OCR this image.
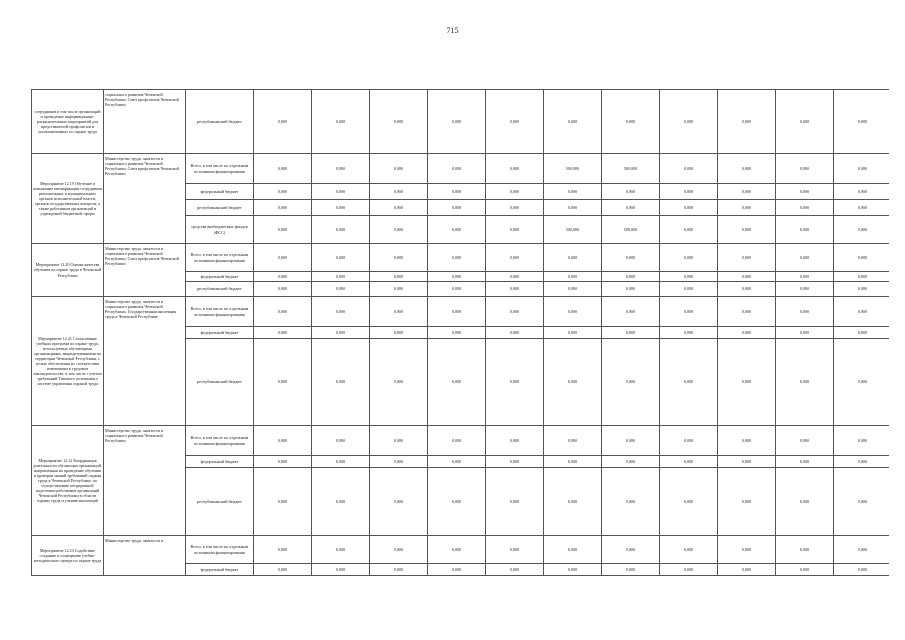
715
сотрудников в том числе организаций и проведение информационно-разъяснительных мероприятий для представителей профсоюзов и уполномоченных по охране труда	социального развития Чеченской Республики, Союз профсоюзов Чеченской Республики	республиканский бюджет	0,000	0,000	0,000	0,000	0,000	0,000	0,000	0,000	0,000	0,000	0,000
Мероприятие 12.19 Обучение и повышение квалификации сотрудников региональных и муниципальных органов исполнительной власти, органов государственных контроля, а также работников организаций и учреждений бюджетной сферы	Министерство труда, занятости и социального развития Чеченской Республики, Союз профсоюзов Чеченской Республики	Всего, в том числе по отдельным источникам финансирования	0,000	0,000	0,000	0,000	0,000	500,000	500,000	0,000	0,000	0,000	0,000
		федеральный бюджет	0,000	0,000	0,000	0,000	0,000	0,000	0,000	0,000	0,000	0,000	0,000
		республиканский бюджет	0,000	0,000	0,000	0,000	0,000	0,000	0,000	0,000	0,000	0,000	0,000
		средства внебюджетных фондов (ФСС)	0,000	0,000	0,000	0,000	0,000	500,000	500,000	0,000	0,000	0,000	0,000
Мероприятие 12.20 Оценка качества обучения по охране труда в Чеченской Республике	Министерство труда, занятости и социального развития Чеченской Республики, Союз профсоюзов Чеченской Республики	Всего, в том числе по отдельным источникам финансирования	0,000	0,000	0,000	0,000	0,000	0,000	0,000	0,000	0,000	0,000	0,000
		федеральный бюджет	0,000	0,000	0,000	0,000	0,000	0,000	0,000	0,000	0,000	0,000	0,000
		республиканский бюджет	0,000	0,000	0,000	0,000	0,000	0,000	0,000	0,000	0,000	0,000	0,000
Мероприятие 12.21 Согласование учебных программ по охране труда, используемых обучающими организациями, аккредитованными на территории Чеченской Республики, с целью обеспечения их соответствия изменениям в трудовом законодательстве, в том числе с учетом требований Типового положения о системе управления охраной труда	Министерство труда, занятости и социального развития Чеченской Республики, Государственная инспекция труда в Чеченской Республике	Всего, в том числе по отдельным источникам финансирования	0,000	0,000	0,000	0,000	0,000	0,000	0,000	0,000	0,000	0,000	0,000
		федеральный бюджет	0,000	0,000	0,000	0,000	0,000	0,000	0,000	0,000	0,000	0,000	0,000
		республиканский бюджет	0,000	0,000	0,000	0,000	0,000	0,000	0,000	0,000	0,000	0,000	0,000
Мероприятие 12.22 Координация деятельности обучающих организаций, направленная на проведение обучения и проверки знаний требований охраны труда в Чеченской Республике, по осуществлению непрерывной подготовки работников организаций Чеченской Республики в области охраны труда и учению инспекций	Министерство труда, занятости и социального развития Чеченской Республики	Всего, в том числе по отдельным источникам финансирования	0,000	0,000	0,000	0,000	0,000	0,000	0,000	0,000	0,000	0,000	0,000
		федеральный бюджет	0,000	0,000	0,000	0,000	0,000	0,000	0,000	0,000	0,000	0,000	0,000
		республиканский бюджет	0,000	0,000	0,000	0,000	0,000	0,000	0,000	0,000	0,000	0,000	0,000
Мероприятие 12.23 Содействие созданию и оснащению учебно-методического центра по охране труда	Министерство труда, занятости и	Всего, в том числе по отдельным источникам финансирования	0,000	0,000	0,000	0,000	0,000	0,000	0,000	0,000	0,000	0,000	0,000
		федеральный бюджет	0,000	0,000	0,000	0,000	0,000	0,000	0,000	0,000	0,000	0,000	0,000
